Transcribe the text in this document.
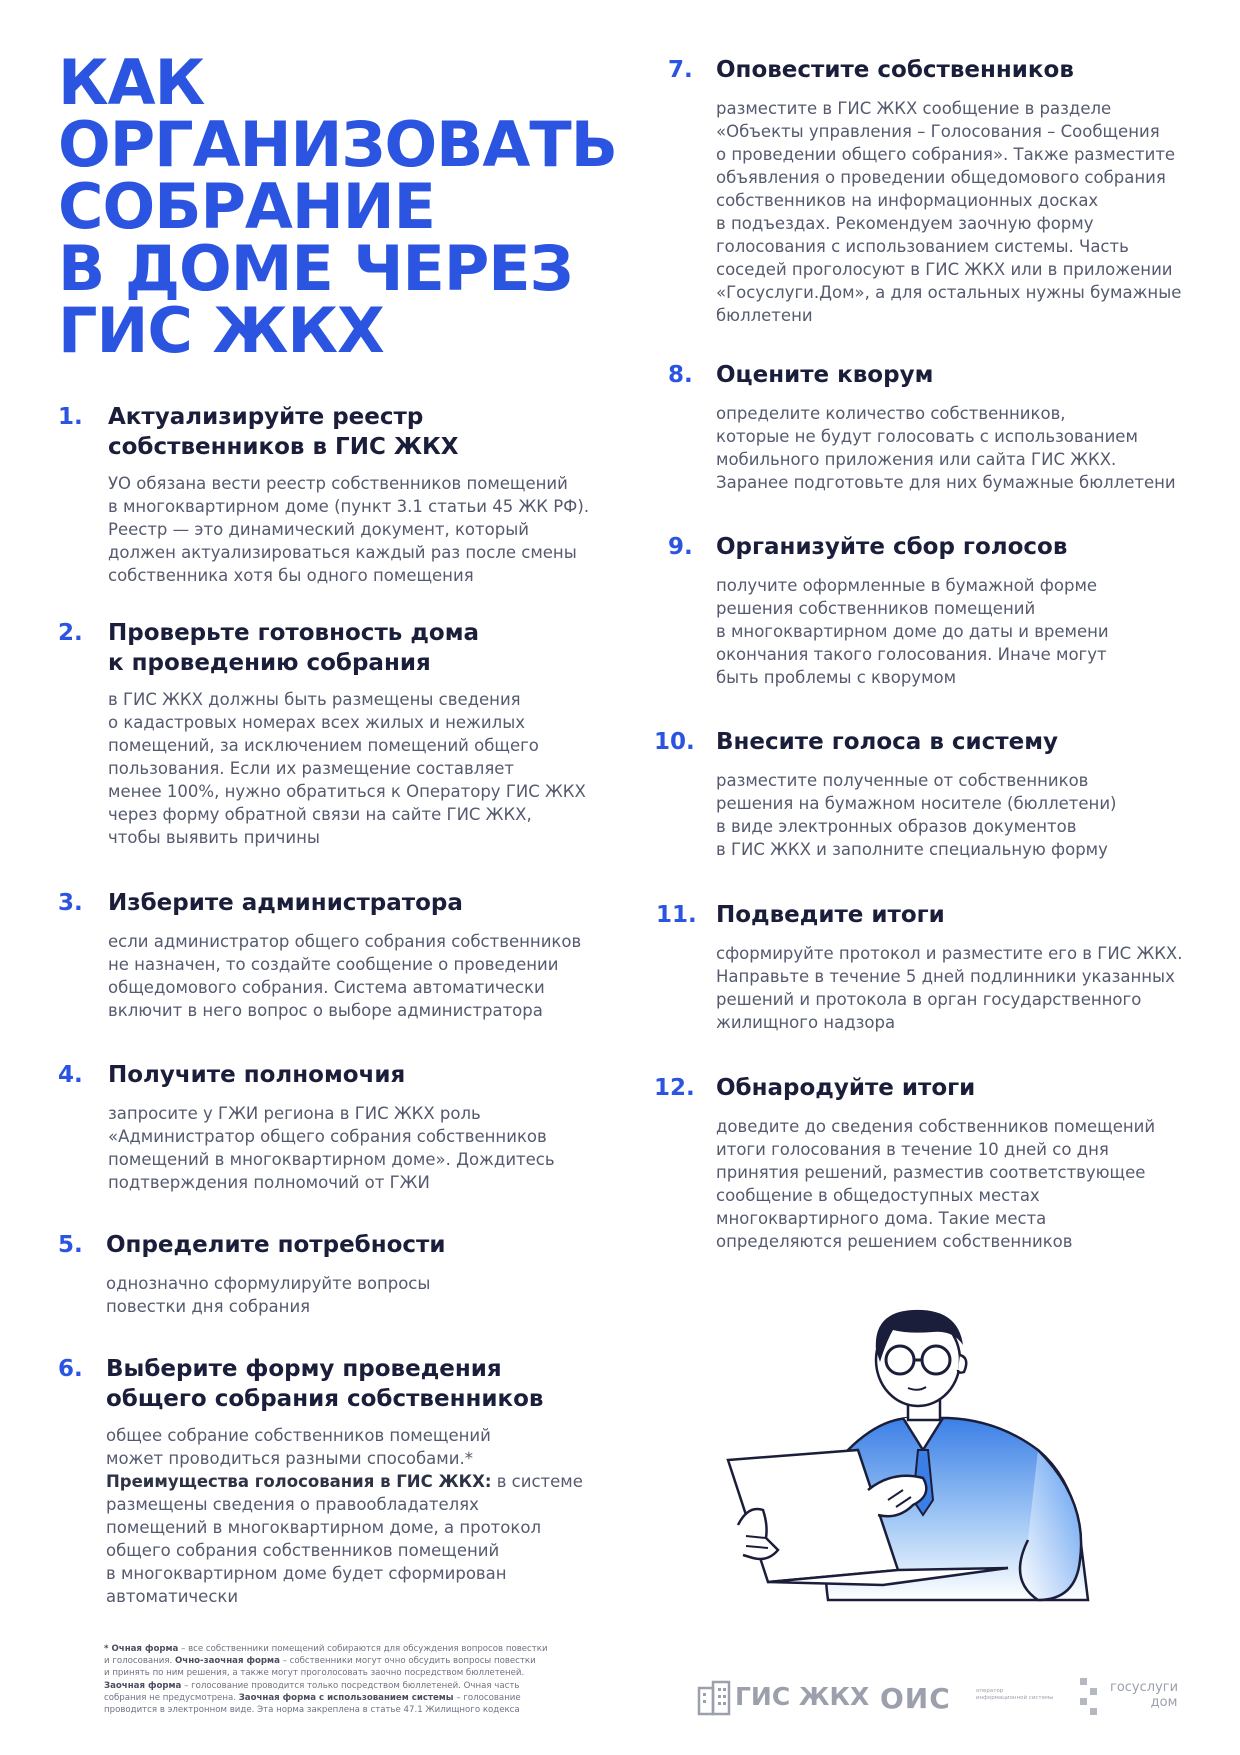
КАК
ОРГАНИЗОВАТЬ
СОБРАНИЕ
В ДОМЕ ЧЕРЕЗ
ГИС ЖКХ
1. Актуализируйте реестр
собственников в ГИС ЖКХ
УО обязана вести реестр собственников помещений
в многоквартирном доме (пункт 3.1 статьи 45 ЖК РФ).
Реестр — это динамический документ, который
должен актуализироваться каждый раз после смены
собственника хотя бы одного помещения
2. Проверьте готовность дома
к проведению собрания
в ГИС ЖКХ должны быть размещены сведения
о кадастровых номерах всех жилых и нежилых
помещений, за исключением помещений общего
пользования. Если их размещение составляет
менее 100%, нужно обратиться к Оператору ГИС ЖКХ
через форму обратной связи на сайте ГИС ЖКХ,
чтобы выявить причины
3. Изберите администратора
если администратор общего собрания собственников
не назначен, то создайте сообщение о проведении
общедомового собрания. Система автоматически
включит в него вопрос о выборе администратора
4. Получите полномочия
запросите у ГЖИ региона в ГИС ЖКХ роль
«Администратор общего собрания собственников
помещений в многоквартирном доме». Дождитесь
подтверждения полномочий от ГЖИ
5. Определите потребности
однозначно сформулируйте вопросы
повестки дня собрания
6. Выберите форму проведения
общего собрания собственников
общее собрание собственников помещений
может проводиться разными способами.*
Преимущества голосования в ГИС ЖКХ: в системе
размещены сведения о правообладателях
помещений в многоквартирном доме, а протокол
общего собрания собственников помещений
в многоквартирном доме будет сформирован
автоматически
7. Оповестите собственников
разместите в ГИС ЖКХ сообщение в разделе
«Объекты управления – Голосования – Сообщения
о проведении общего собрания». Также разместите
объявления о проведении общедомового собрания
собственников на информационных досках
в подъездах. Рекомендуем заочную форму
голосования с использованием системы. Часть
соседей проголосуют в ГИС ЖКХ или в приложении
«Госуслуги.Дом», а для остальных нужны бумажные
бюллетени
8. Оцените кворум
определите количество собственников,
которые не будут голосовать с использованием
мобильного приложения или сайта ГИС ЖКХ.
Заранее подготовьте для них бумажные бюллетени
9. Организуйте сбор голосов
получите оформленные в бумажной форме
решения собственников помещений
в многоквартирном доме до даты и времени
окончания такого голосования. Иначе могут
быть проблемы с кворумом
10. Внесите голоса в систему
разместите полученные от собственников
решения на бумажном носителе (бюллетени)
в виде электронных образов документов
в ГИС ЖКХ и заполните специальную форму
11. Подведите итоги
сформируйте протокол и разместите его в ГИС ЖКХ.
Направьте в течение 5 дней подлинники указанных
решений и протокола в орган государственного
жилищного надзора
12. Обнародуйте итоги
доведите до сведения собственников помещений
итоги голосования в течение 10 дней со дня
принятия решений, разместив соответствующее
сообщение в общедоступных местах
многоквартирного дома. Такие места
определяются решением собственников
* Очная форма – все собственники помещений собираются для обсуждения вопросов повестки
и голосования. Очно-заочная форма – собственники могут очно обсудить вопросы повестки
и принять по ним решения, а также могут проголосовать заочно посредством бюллетеней.
Заочная форма – голосование проводится только посредством бюллетеней. Очная часть
собрания не предусмотрена. Заочная форма с использованием системы – голосование
проводится в электронном виде. Эта норма закреплена в статье 47.1 Жилищного кодекса	ГИС ЖКХ ОИС	оператор информационной системы
госуслуги
дом
